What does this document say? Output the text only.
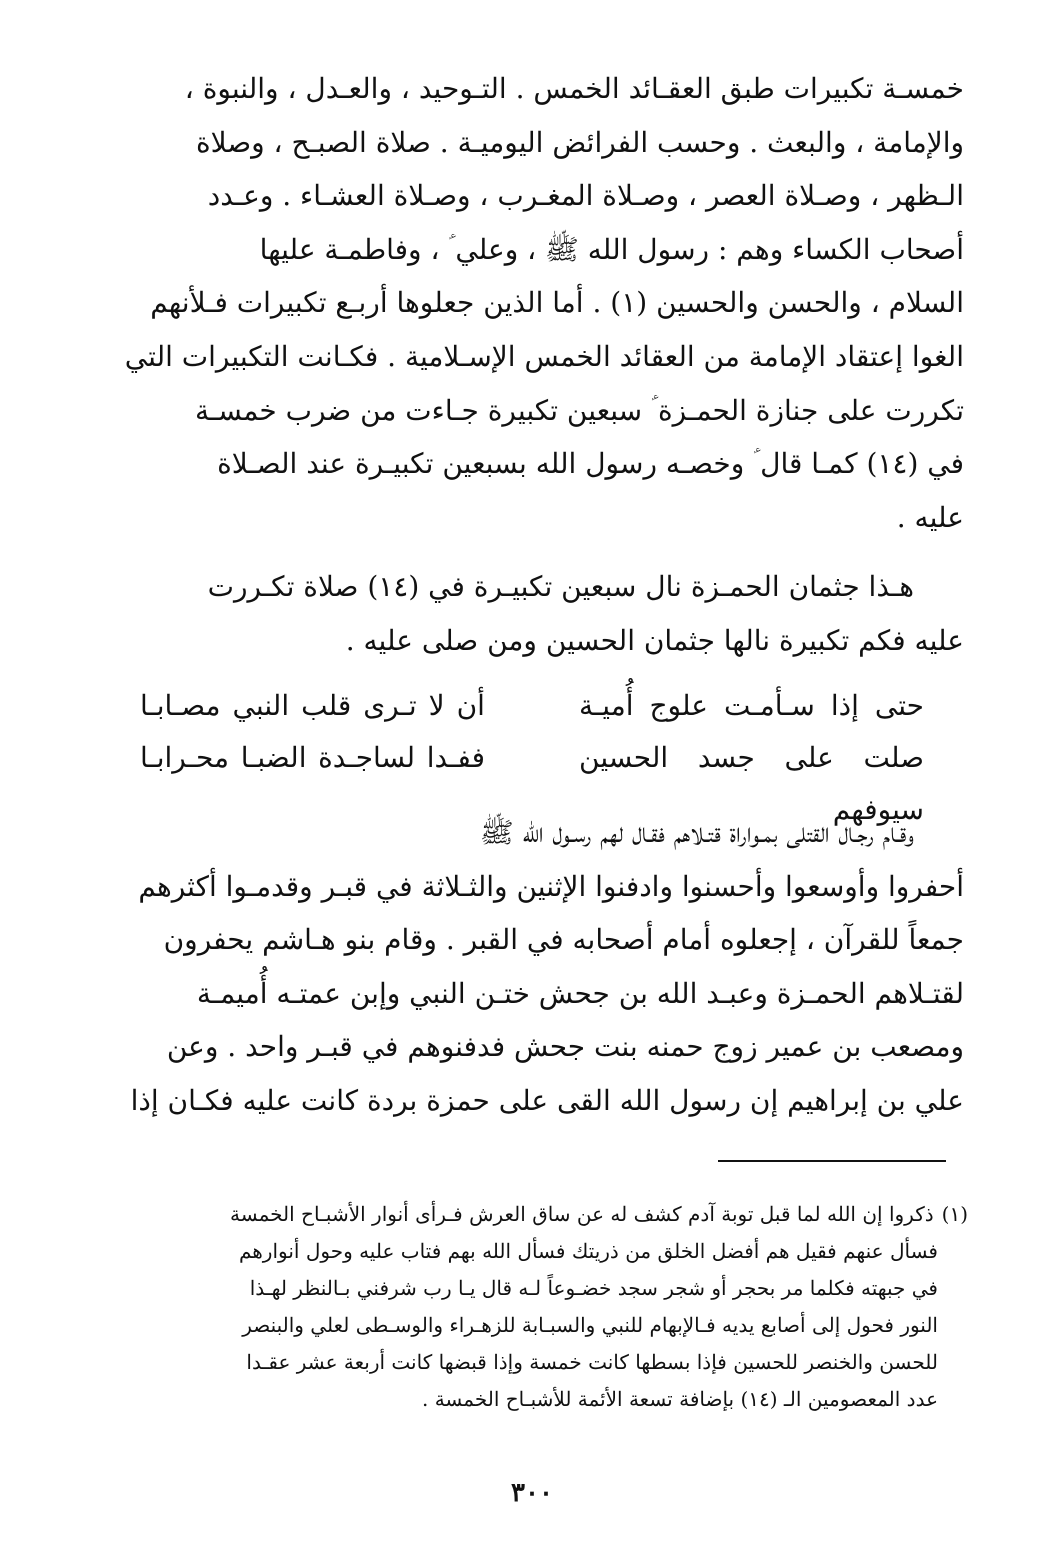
خمسـة تكبيرات طبق العقـائد الخمس . التـوحيد ، والعـدل ، والنبوة ،

والإمامة ، والبعث . وحسب الفرائض اليوميـة . صلاة الصبـح ، وصلاة

الـظهر ، وصـلاة العصر ، وصـلاة المغـرب ، وصـلاة العشـاء . وعـدد

أصحاب الكساء وهم : رسول الله ﷺ ، وعلي ؑ ، وفاطمـة عليها

السلام ، والحسن والحسين (١) . أما الذين جعلوها أربـع تكبيرات فـلأنهم

الغوا إعتقاد الإمامة من العقائد الخمس الإسـلامية . فكـانت التكبيرات التي

تكررت على جنازة الحمـزة ؑ سبعين تكبيرة جـاءت من ضرب خمسـة

في (١٤) كمـا قال ؑ وخصـه رسول الله بسبعين تكبيـرة عند الصـلاة

عليه .

هـذا جثمان الحمـزة نال سبعين تكبيـرة في (١٤) صلاة تكـررت

عليه فكم تكبيرة نالها جثمان الحسين ومن صلى عليه .

حتى إذا سـأمـت علوج أُميـة
أن لا تـرى قلب النبي مصـابـا
صلت على جسد الحسين سيوفهم
ففـدا لساجـدة الضبـا محـرابـا

وقـام رجـال القتلى بمـواراة قتـلاهم فقـال لهم رسـول الله ﷺ

أحفروا وأوسعوا وأحسنوا وادفنوا الإثنين والثـلاثة في قبـر وقدمـوا أكثرهم

جمعاً للقرآن ، إجعلوه أمام أصحابه في القبر . وقام بنو هـاشم يحفرون

لقتـلاهم الحمـزة وعبـد الله بن جحش ختـن النبي وإبن عمتـه أُميمـة

ومصعب بن عمير زوج حمنه بنت جحش فدفنوهم في قبـر واحد . وعن

علي بن إبراهيم إن رسول الله القى على حمزة بردة كانت عليه فكـان إذا

(١)ذكروا إن الله لما قبل توبة آدم كشف له عن ساق العرش فـرأى أنوار الأشبـاح الخمسة

فسأل عنهم فقيل هم أفضل الخلق من ذريتك فسأل الله بهم فتاب عليه وحول أنوارهم

في جبهته فكلما مر بحجر أو شجر سجد خضـوعاً لـه قال يـا رب شرفني بـالنظر لهـذا

النور فحول إلى أصابع يديه فـالإبهام للنبي والسبـابة للزهـراء والوسـطى لعلي والبنصر

للحسن والخنصر للحسين فإذا بسطها كانت خمسة وإذا قبضها كانت أربعة عشر عقـدا

عدد المعصومين الـ (١٤) بإضافة تسعة الأئمة للأشبـاح الخمسة .

٣٠٠
